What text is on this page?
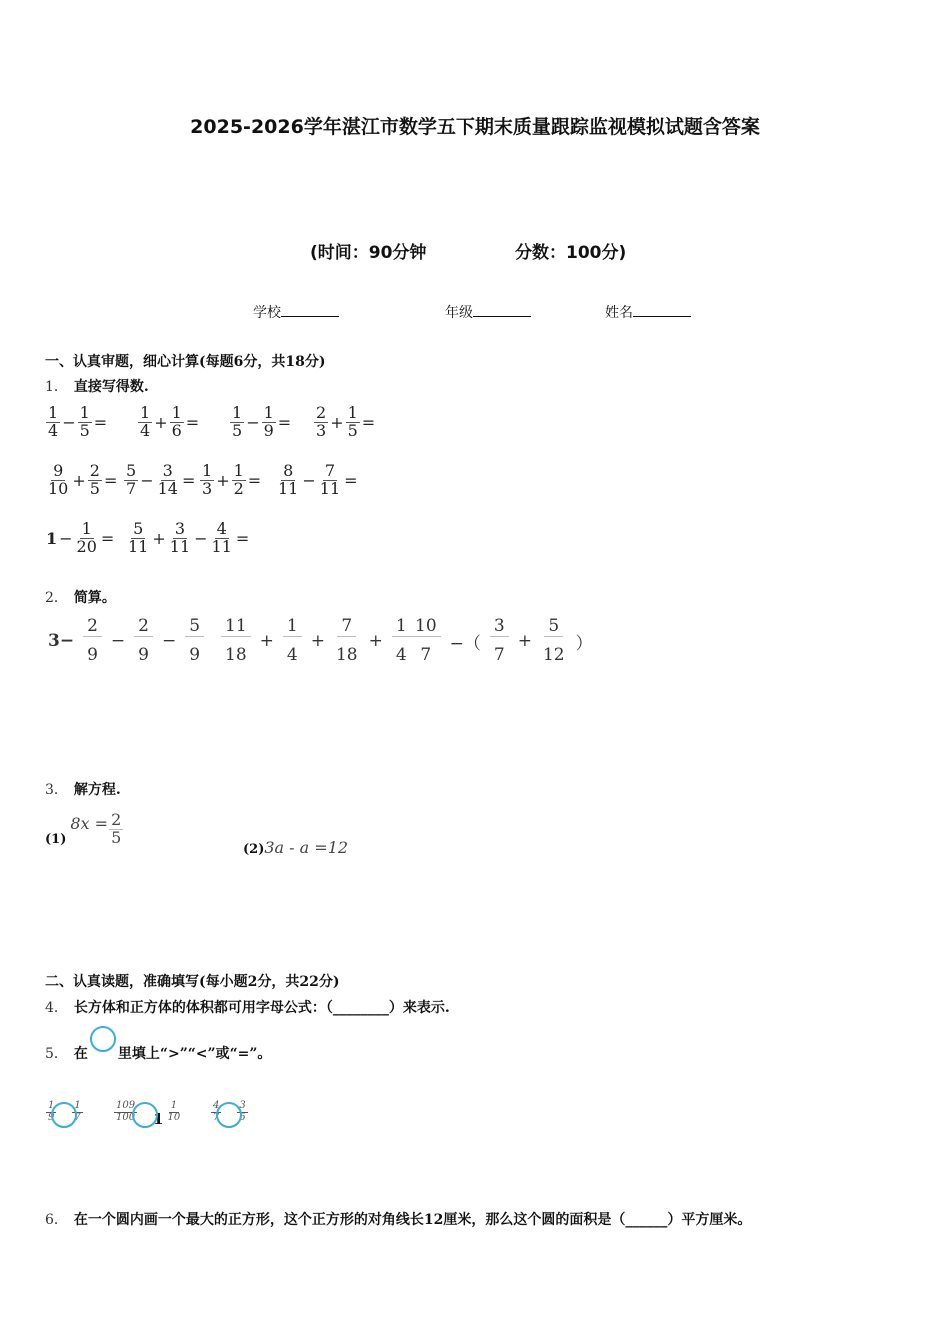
2025-2026学年湛江市数学五下期末质量跟踪监视模拟试题含答案
(时间：90分钟	分数：100分)
学校	年级	姓名
一、认真审题，细心计算(每题6分，共18分)
1． 直接写得数.
$\frac{1}{4} - \frac{1}{5} = \frac{1}{4} + \frac{1}{6} = \frac{1}{5} - \frac{1}{9} = \frac{2}{3} + \frac{1}{5}$ =
$\frac{9}{10} + \frac{2}{5} = \frac{5}{7} - \frac{3}{14} = \frac{1}{3} + \frac{1}{2} = \frac{8}{11} - \frac{7}{11}$ =
$1 - \frac{1}{20} = \frac{5}{11} + \frac{3}{11} - \frac{4}{11}$ =
2． 简算。
$3- \frac{2}{9} - \frac{2}{9} - \frac{5}{9} \frac{11}{18} + \frac{1}{4} + \frac{7}{18} + \frac{1}{4} \frac{10}{7}$ −（ $\frac{3}{7} + \frac{5}{12}$ ）
3． 解方程.
(1)
$8x = \frac{2}{5}$
(2)3a - a =12
二、认真读题，准确填写(每小题2分，共22分)
4． 长方体和正方体的体积都可用字母公式：（________）来表示.
5． 在 里填上“>”“<”或“=”。
$\frac{1}{9} \frac{1}{7}$	$\frac{109}{100} 1 \frac{1}{10}$	$\frac{4}{7} \frac{3}{5}$
6． 在一个圆内画一个最大的正方形，这个正方形的对角线长12厘米，那么这个圆的面积是（______）平方厘米。
